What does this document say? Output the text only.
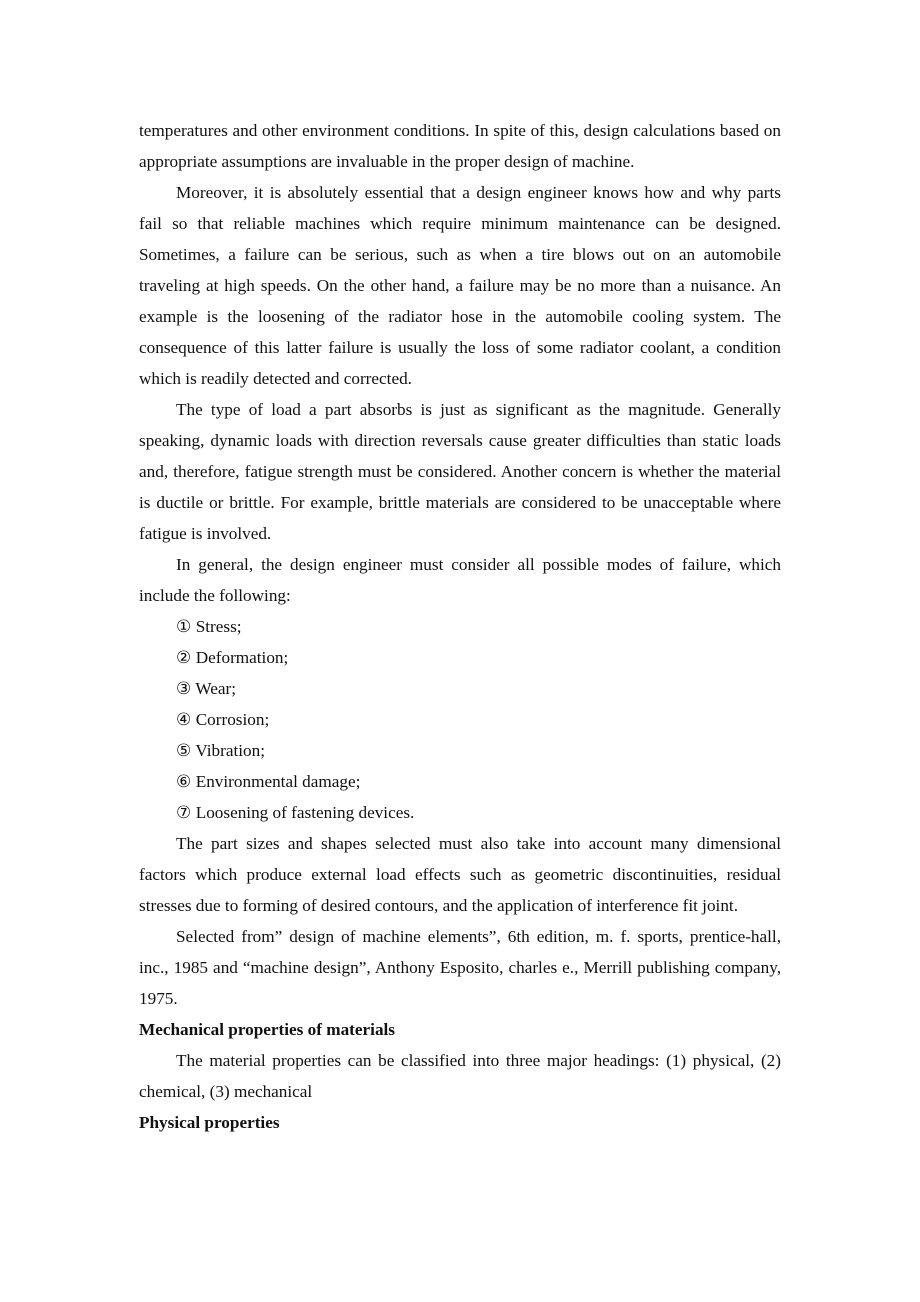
temperatures and other environment conditions. In spite of this, design calculations based on appropriate assumptions are invaluable in the proper design of machine.

Moreover, it is absolutely essential that a design engineer knows how and why parts fail so that reliable machines which require minimum maintenance can be designed. Sometimes, a failure can be serious, such as when a tire blows out on an automobile traveling at high speeds. On the other hand, a failure may be no more than a nuisance. An example is the loosening of the radiator hose in the automobile cooling system. The consequence of this latter failure is usually the loss of some radiator coolant, a condition which is readily detected and corrected.

The type of load a part absorbs is just as significant as the magnitude. Generally speaking, dynamic loads with direction reversals cause greater difficulties than static loads and, therefore, fatigue strength must be considered. Another concern is whether the material is ductile or brittle. For example, brittle materials are considered to be unacceptable where fatigue is involved.

In general, the design engineer must consider all possible modes of failure, which include the following:

① Stress;

② Deformation;

③ Wear;

④ Corrosion;

⑤ Vibration;

⑥ Environmental damage;

⑦ Loosening of fastening devices.

The part sizes and shapes selected must also take into account many dimensional factors which produce external load effects such as geometric discontinuities, residual stresses due to forming of desired contours, and the application of interference fit joint.

Selected from” design of machine elements”, 6th edition, m. f. sports, prentice-hall, inc., 1985 and “machine design”, Anthony Esposito, charles e., Merrill publishing company, 1975.

Mechanical properties of materials

The material properties can be classified into three major headings: (1) physical, (2) chemical, (3) mechanical

Physical properties
